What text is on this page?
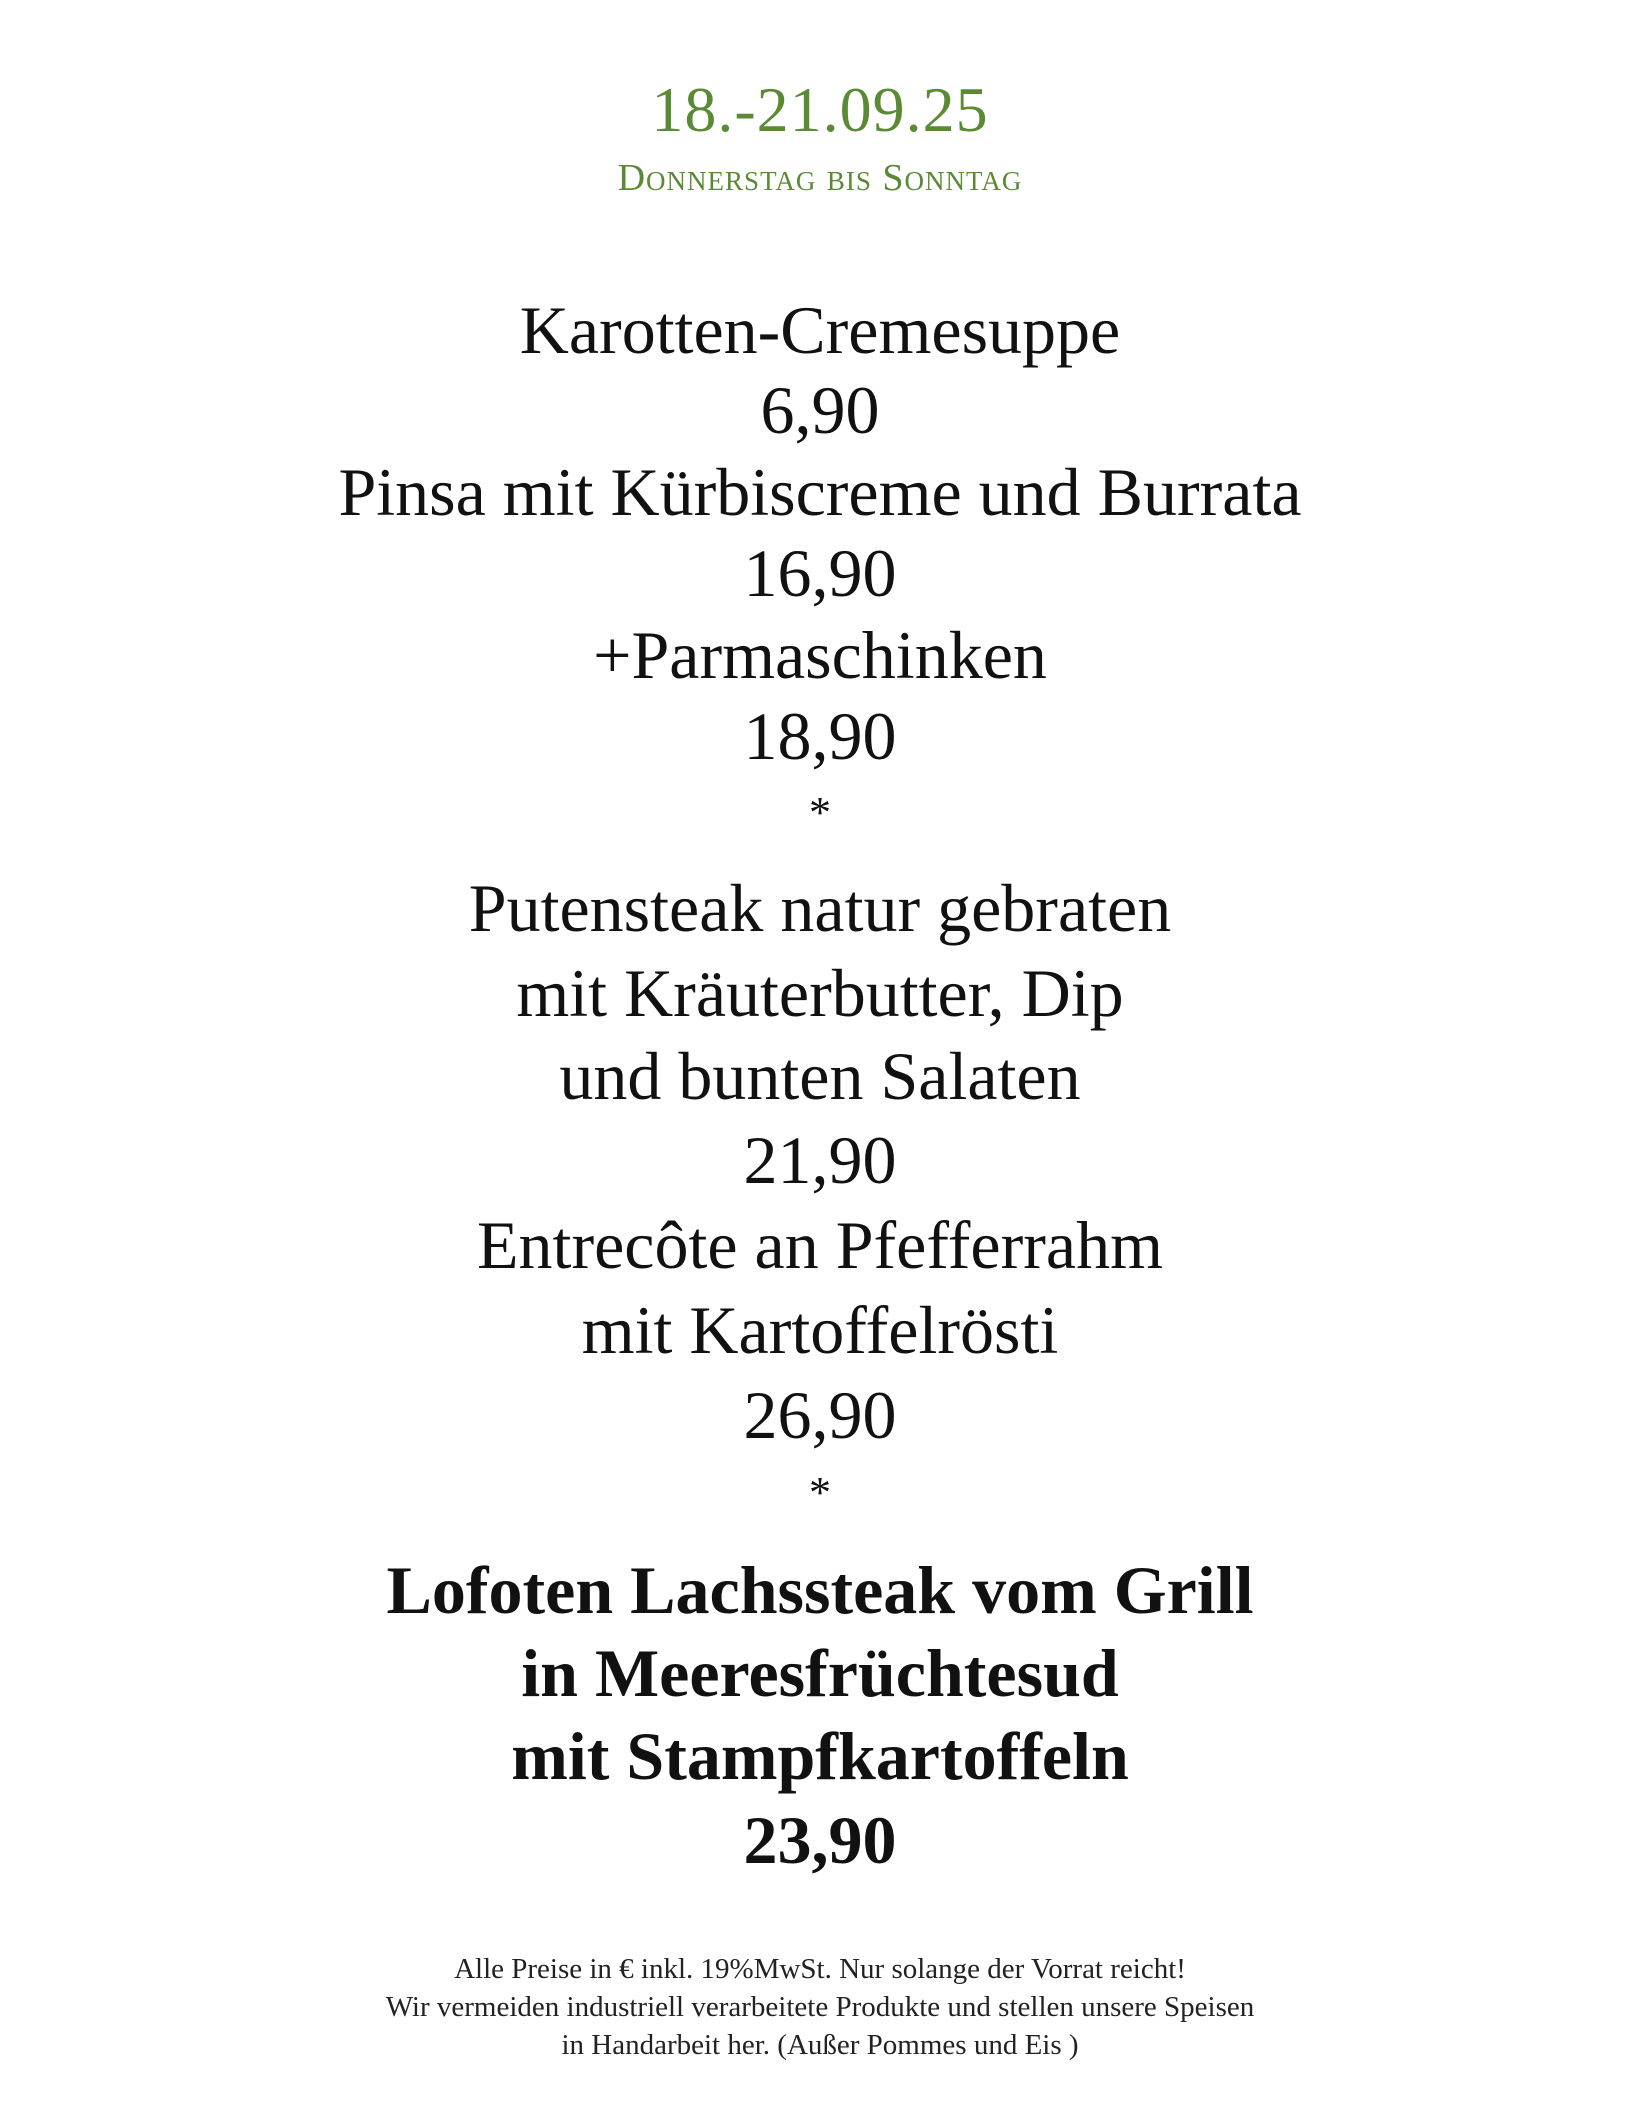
18.-21.09.25
Donnerstag bis Sonntag
Karotten-Cremesuppe
6,90
Pinsa mit Kürbiscreme und Burrata
16,90
+Parmaschinken
18,90
*
Putensteak natur gebraten
mit Kräuterbutter, Dip
und bunten Salaten
21,90
Entrecôte an Pfefferrahm
mit Kartoffelrösti
26,90
*
Lofoten Lachssteak vom Grill
in Meeresfrüchtesud
mit Stampfkartoffeln
23,90
Alle Preise in € inkl. 19%MwSt. Nur solange der Vorrat reicht!
Wir vermeiden industriell verarbeitete Produkte und stellen unsere Speisen
in Handarbeit her. (Außer Pommes und Eis )
